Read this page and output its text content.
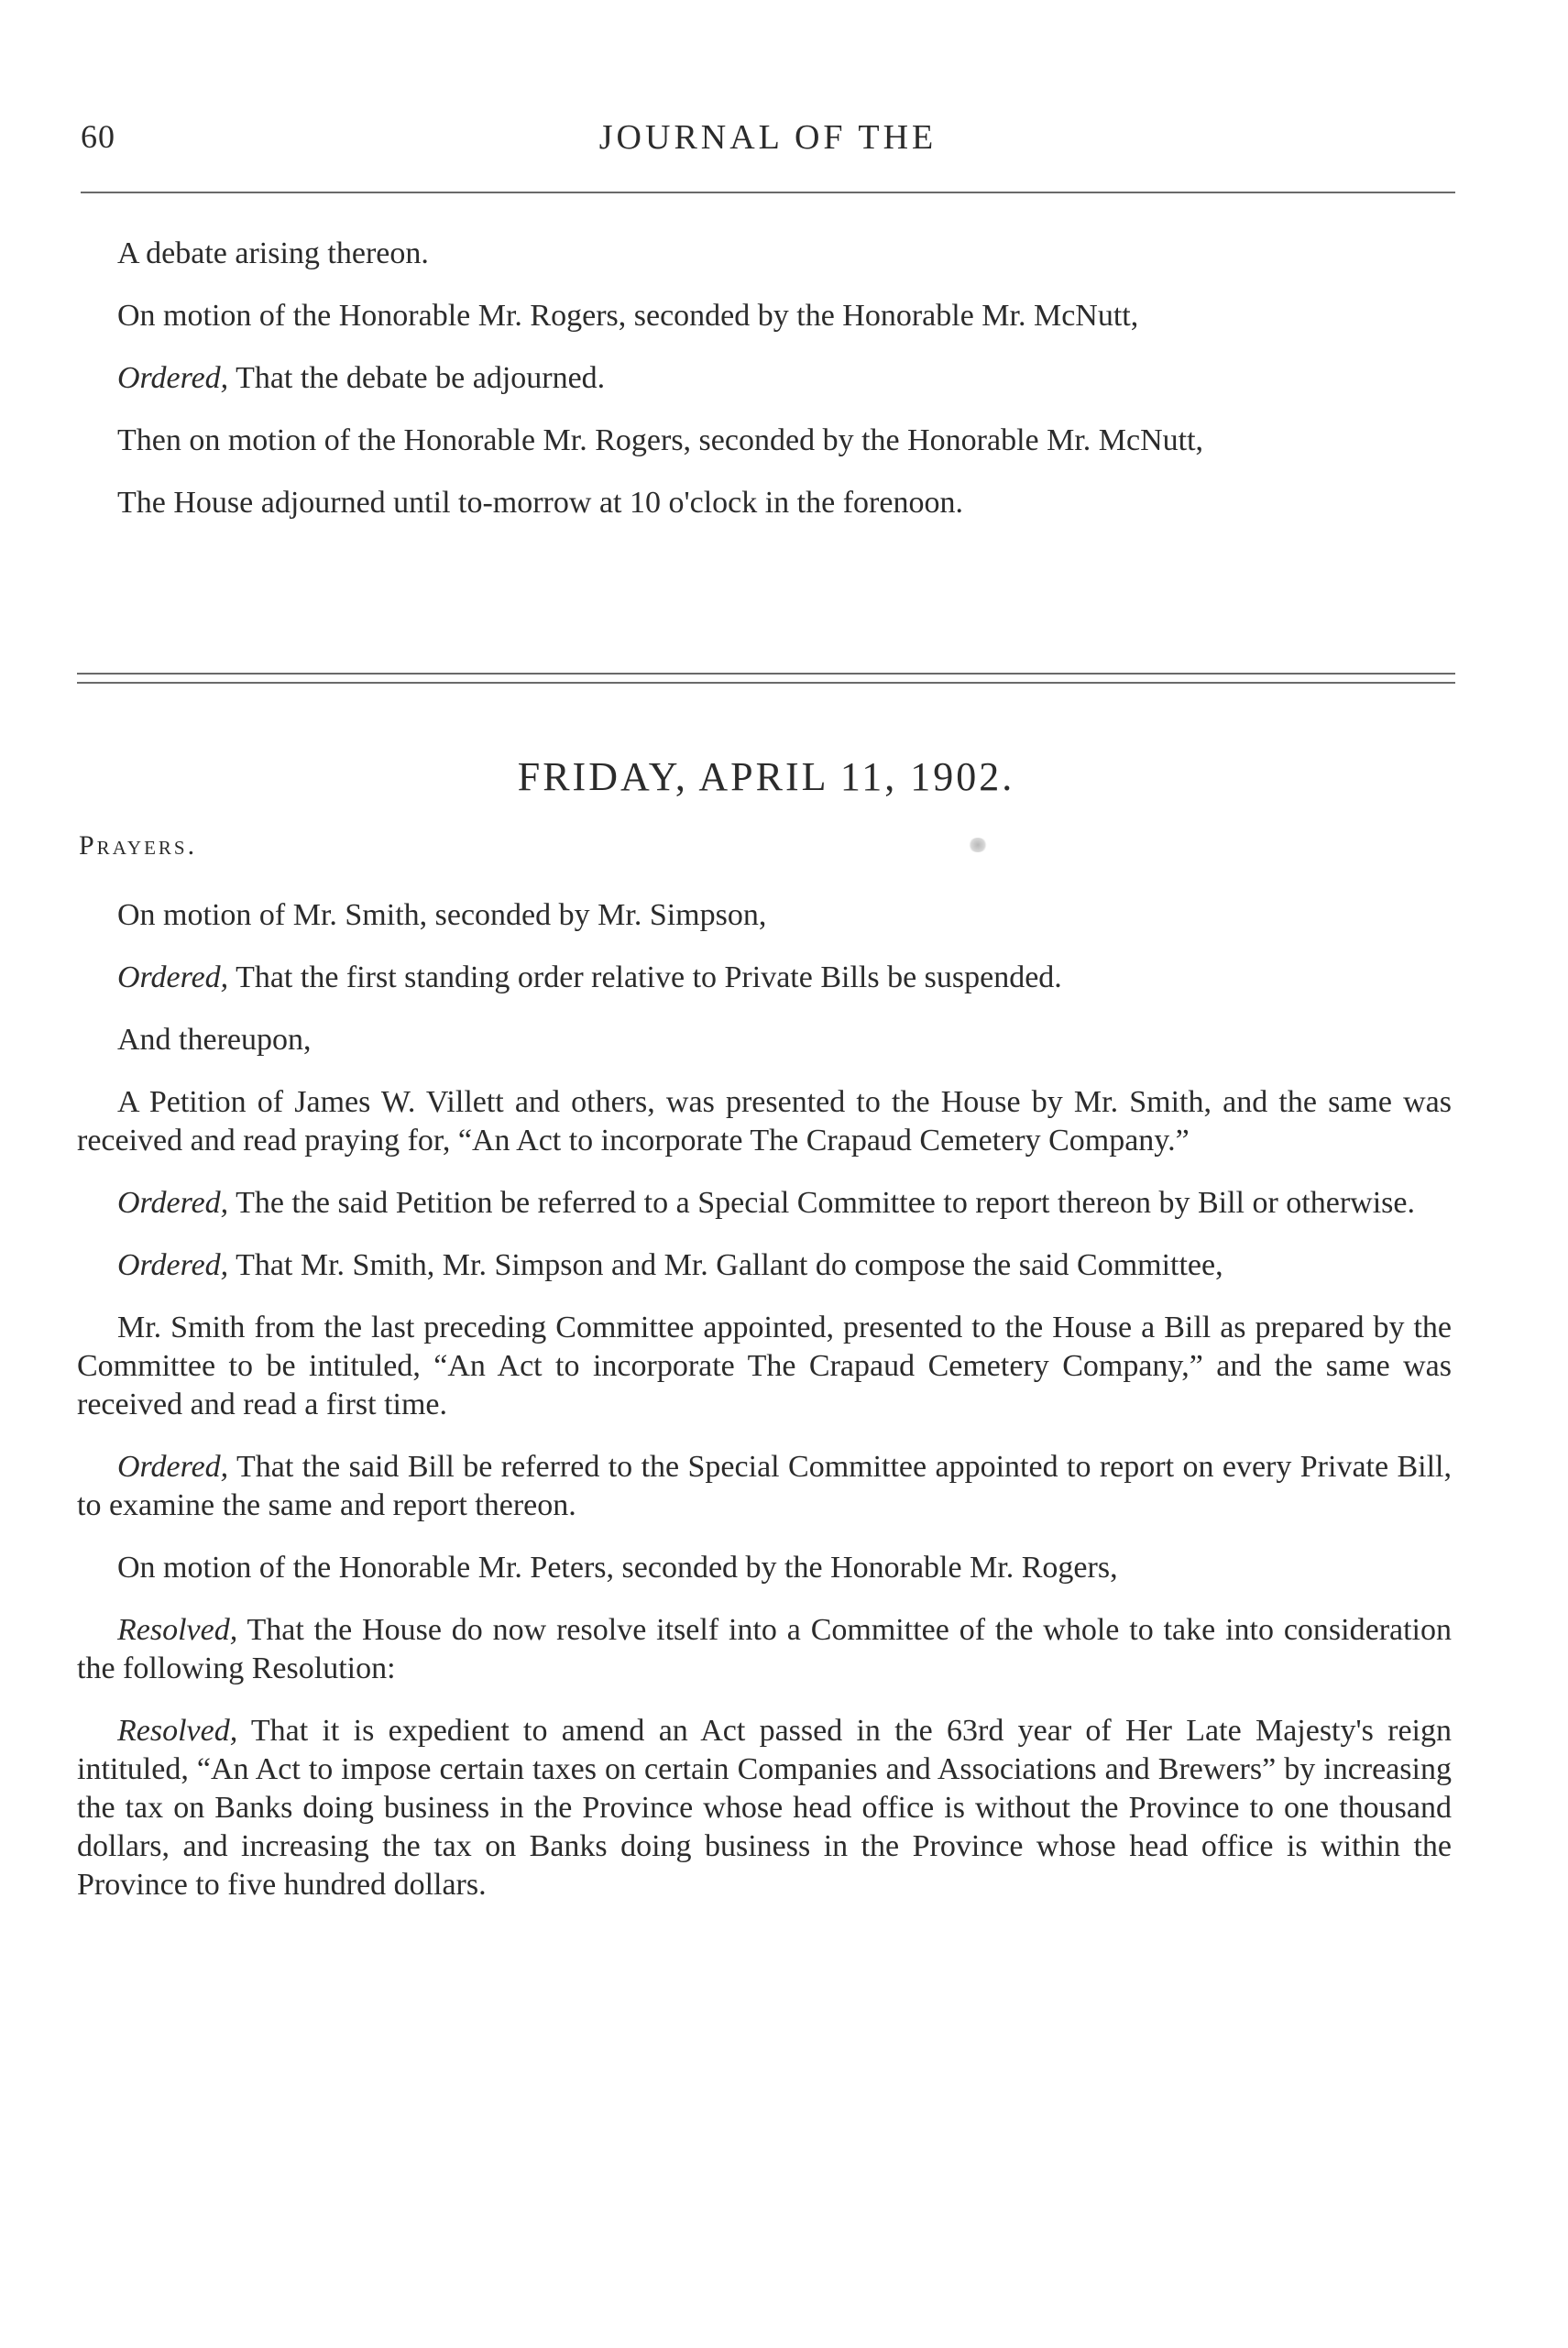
60	JOURNAL OF THE

A debate arising thereon.

On motion of the Honorable Mr. Rogers, seconded by the Honorable Mr. McNutt,

Ordered, That the debate be adjourned.

Then on motion of the Honorable Mr. Rogers, seconded by the Honorable Mr. McNutt,

The House adjourned until to-morrow at 10 o'clock in the forenoon.

FRIDAY, APRIL 11, 1902.
Prayers.

On motion of Mr. Smith, seconded by Mr. Simpson,

Ordered, That the first standing order relative to Private Bills be suspended.

And thereupon,

A Petition of James W. Villett and others, was presented to the House by Mr. Smith, and the same was received and read praying for, “An Act to incorporate The Crapaud Cemetery Company.”

Ordered, The the said Petition be referred to a Special Committee to report thereon by Bill or otherwise.

Ordered, That Mr. Smith, Mr. Simpson and Mr. Gallant do compose the said Committee,

Mr. Smith from the last preceding Committee appointed, presented to the House a Bill as prepared by the Committee to be intituled, “An Act to incorporate The Crapaud Cemetery Company,” and the same was received and read a first time.

Ordered, That the said Bill be referred to the Special Committee appointed to report on every Private Bill, to examine the same and report thereon.

On motion of the Honorable Mr. Peters, seconded by the Honorable Mr. Rogers,

Resolved, That the House do now resolve itself into a Committee of the whole to take into consideration the following Resolution:

Resolved, That it is expedient to amend an Act passed in the 63rd year of Her Late Majesty's reign intituled, “An Act to impose certain taxes on certain Companies and Associations and Brewers” by increasing the tax on Banks doing business in the Province whose head office is without the Province to one thousand dollars, and increasing the tax on Banks doing business in the Province whose head office is within the Province to five hundred dollars.
